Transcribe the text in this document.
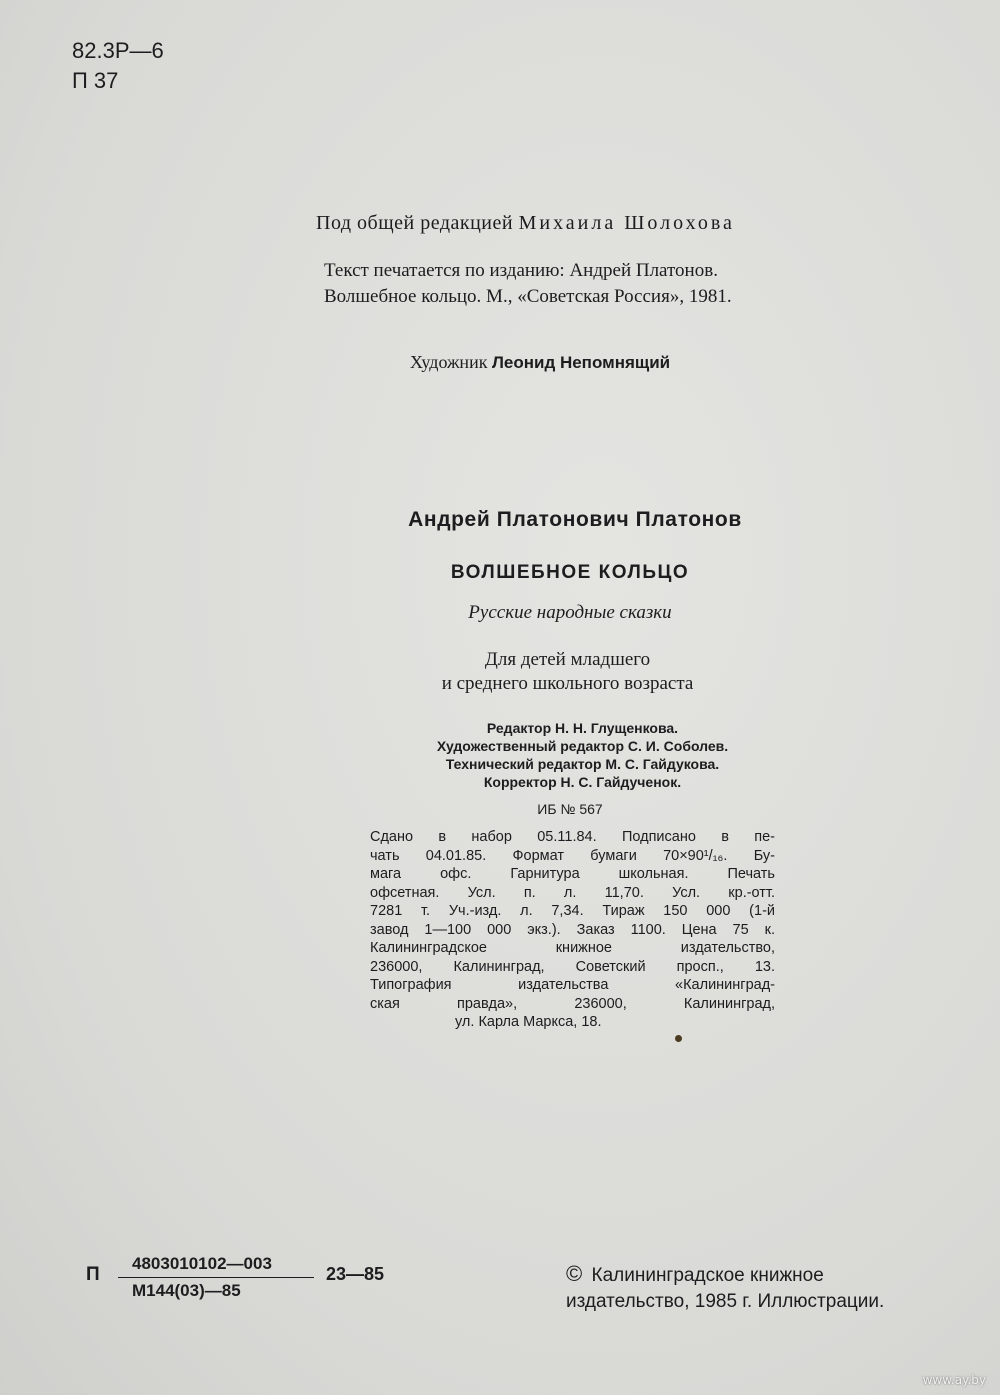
82.3Р—6
П 37
Под общей редакцией Михаила Шолохова
Текст печатается по изданию: Андрей Платонов.
Волшебное кольцо. М., «Советская Россия», 1981.
Художник Леонид Непомнящий
Андрей Платонович Платонов
ВОЛШЕБНОЕ КОЛЬЦО
Русские народные сказки
Для детей младшего
и среднего школьного возраста
Редактор Н. Н. Глущенкова.
Художественный редактор С. И. Соболев.
Технический редактор М. С. Гайдукова.
Корректор Н. С. Гайдученок.
ИБ № 567
Сдано в набор 05.11.84. Подписано в пе-
чать 04.01.85. Формат бумаги 70×90¹/₁₆. Бу-
мага офс. Гарнитура школьная. Печать
офсетная. Усл. п. л. 11,70. Усл. кр.-отт.
7281 т. Уч.-изд. л. 7,34. Тираж 150 000 (1-й
завод 1—100 000 экз.). Заказ 1100. Цена 75 к.
Калининградское книжное издательство,
236000, Калининград, Советский просп., 13.
Типография издательства «Калининград-
ская правда», 236000, Калининград,
ул. Карла Маркса, 18.
П
4803010102—003
М144(03)—85
23—85	© Калининградское книжное
издательство, 1985 г. Иллюстрации.
www.ay.by
